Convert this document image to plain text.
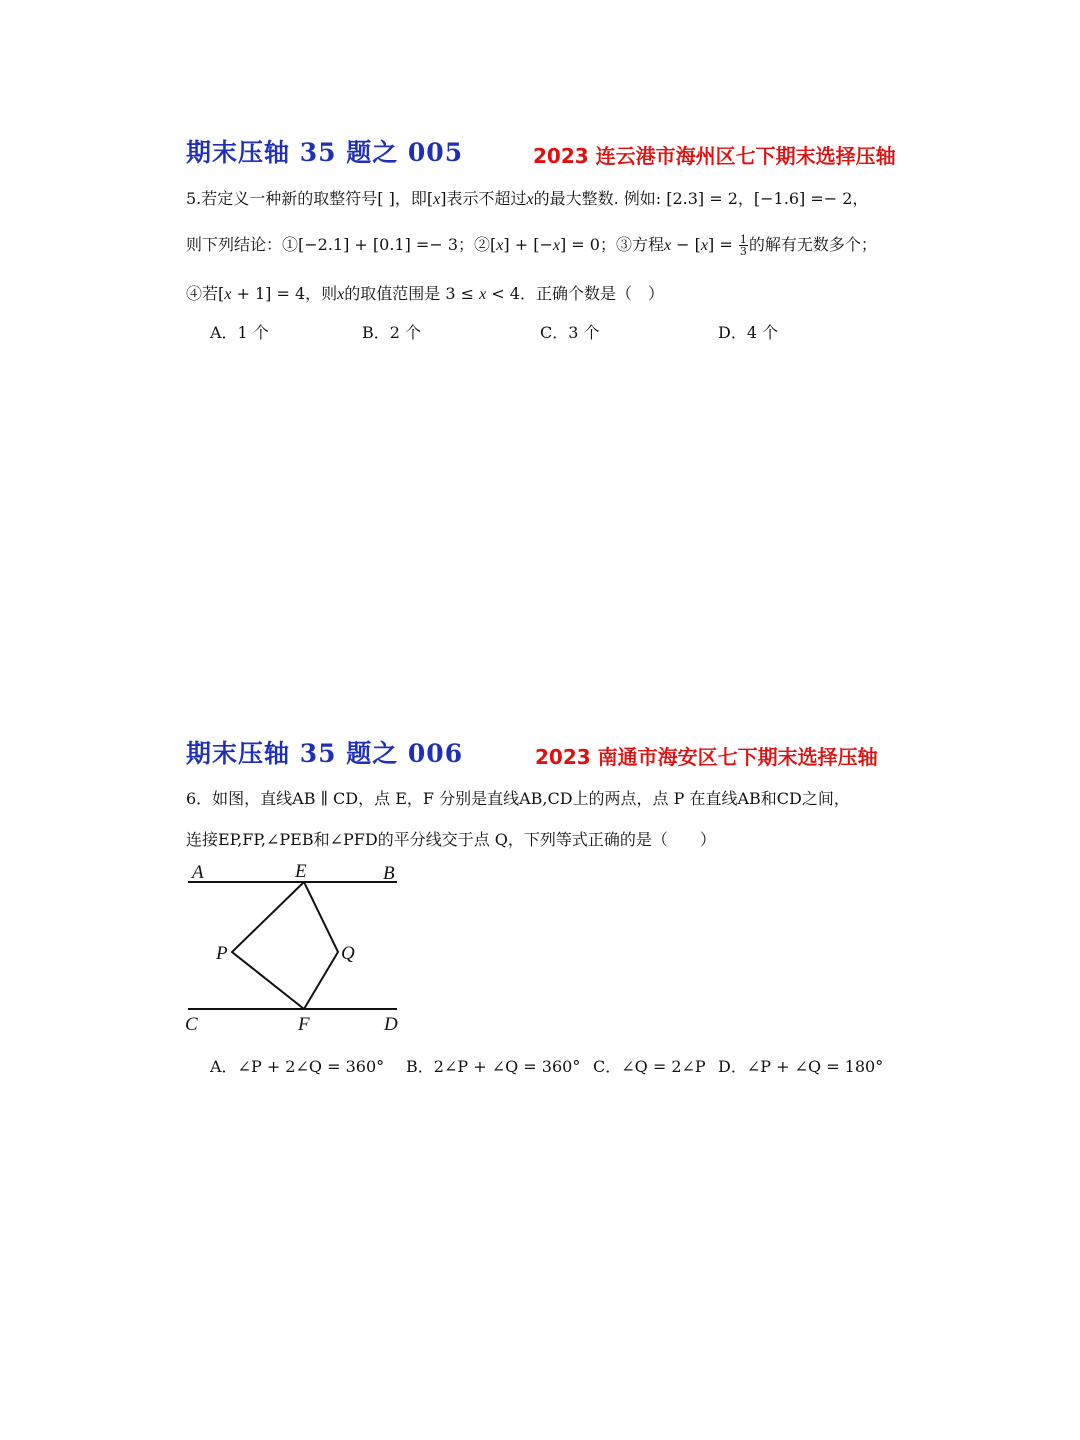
期末压轴 35 题之 005	2023 连云港市海州区七下期末选择压轴
5.若定义一种新的取整符号[ ]，即[x]表示不超过x的最大整数. 例如: [2.3] = 2，[−1.6] =− 2，
则下列结论：①[−2.1] + [0.1] =− 3；②[x] + [−x] = 0；③方程$x - [x] = \frac{1}{3}$ 的解有无数多个；
④若[x + 1] = 4，则x的取值范围是 3 ≤ x < 4．正确个数是（　）
A．1 个	B．2 个	C．3 个	D．4 个
期末压轴 35 题之 006	2023 南通市海安区七下期末选择压轴
6．如图，直线AB ∥ CD，点 E，F 分别是直线AB,CD上的两点，点 P 在直线AB和CD之间，
连接EP,FP,∠PEB和∠PFD的平分线交于点 Q，下列等式正确的是（　　）
A	E	B
P	Q
C	F	D
A．∠P + 2∠Q = 360° B．2∠P + ∠Q = 360° C．∠Q = 2∠P D．∠P + ∠Q = 180°
